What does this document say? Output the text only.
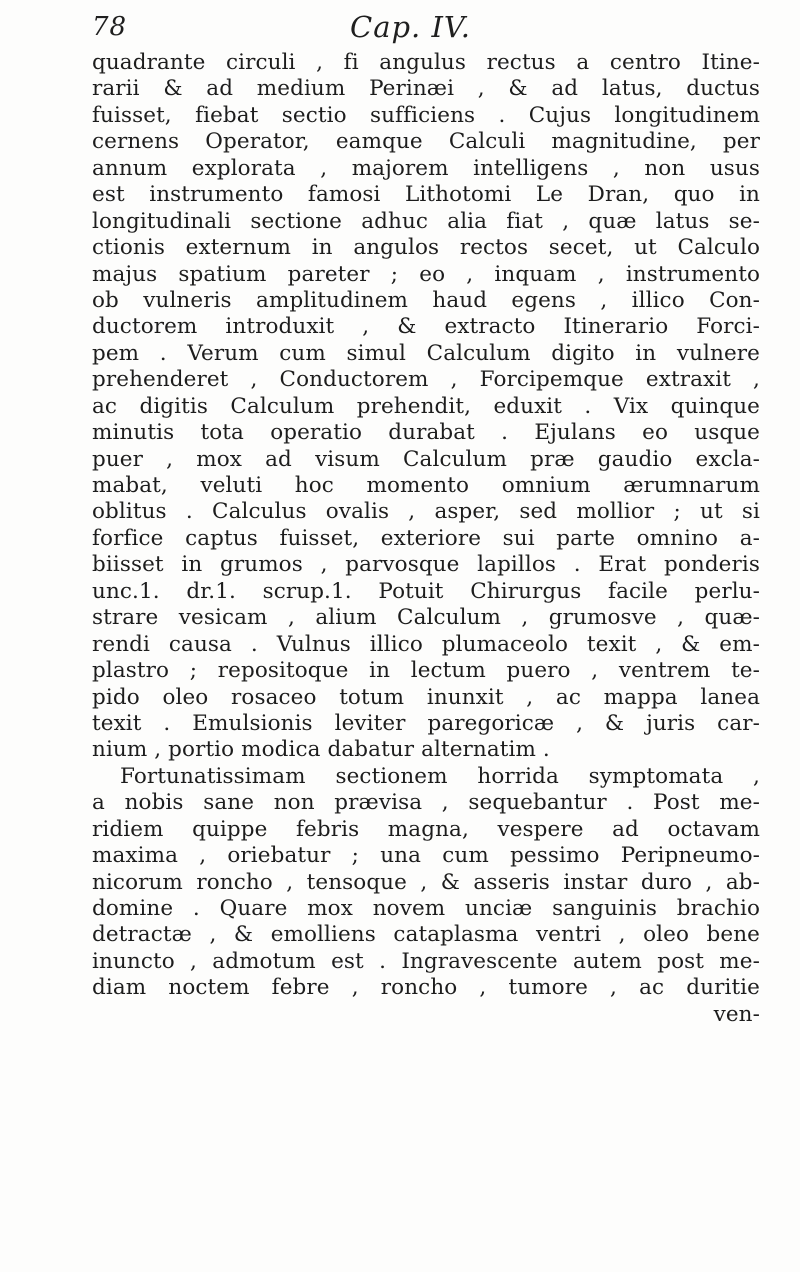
78	Cap. IV.
quadrante circuli , fi angulus rectus a centro Itine-
rarii & ad medium Perinæi , & ad latus, ductus
fuisset, fiebat sectio sufficiens . Cujus longitudinem
cernens Operator, eamque Calculi magnitudine, per
annum explorata , majorem intelligens , non usus
est instrumento famosi Lithotomi Le Dran, quo in
longitudinali sectione adhuc alia fiat , quæ latus se-
ctionis externum in angulos rectos secet, ut Calculo
majus spatium pareter ; eo , inquam , instrumento
ob vulneris amplitudinem haud egens , illico Con-
ductorem introduxit , & extracto Itinerario Forci-
pem . Verum cum simul Calculum digito in vulnere
prehenderet , Conductorem , Forcipemque extraxit ,
ac digitis Calculum prehendit, eduxit . Vix quinque
minutis tota operatio durabat . Ejulans eo usque
puer , mox ad visum Calculum præ gaudio excla-
mabat, veluti hoc momento omnium ærumnarum
oblitus . Calculus ovalis , asper, sed mollior ; ut si
forfice captus fuisset, exteriore sui parte omnino a-
biisset in grumos , parvosque lapillos . Erat ponderis
unc.1. dr.1. scrup.1. Potuit Chirurgus facile perlu-
strare vesicam , alium Calculum , grumosve , quæ-
rendi causa . Vulnus illico plumaceolo texit , & em-
plastro ; repositoque in lectum puero , ventrem te-
pido oleo rosaceo totum inunxit , ac mappa lanea
texit . Emulsionis leviter paregoricæ , & juris car-
nium , portio modica dabatur alternatim .
Fortunatissimam sectionem horrida symptomata ,
a nobis sane non prævisa , sequebantur . Post me-
ridiem quippe febris magna, vespere ad octavam
maxima , oriebatur ; una cum pessimo Peripneumo-
nicorum roncho , tensoque , & asseris instar duro , ab-
domine . Quare mox novem unciæ sanguinis brachio
detractæ , & emolliens cataplasma ventri , oleo bene
inuncto , admotum est . Ingravescente autem post me-
diam noctem febre , roncho , tumore , ac duritie
ven-
